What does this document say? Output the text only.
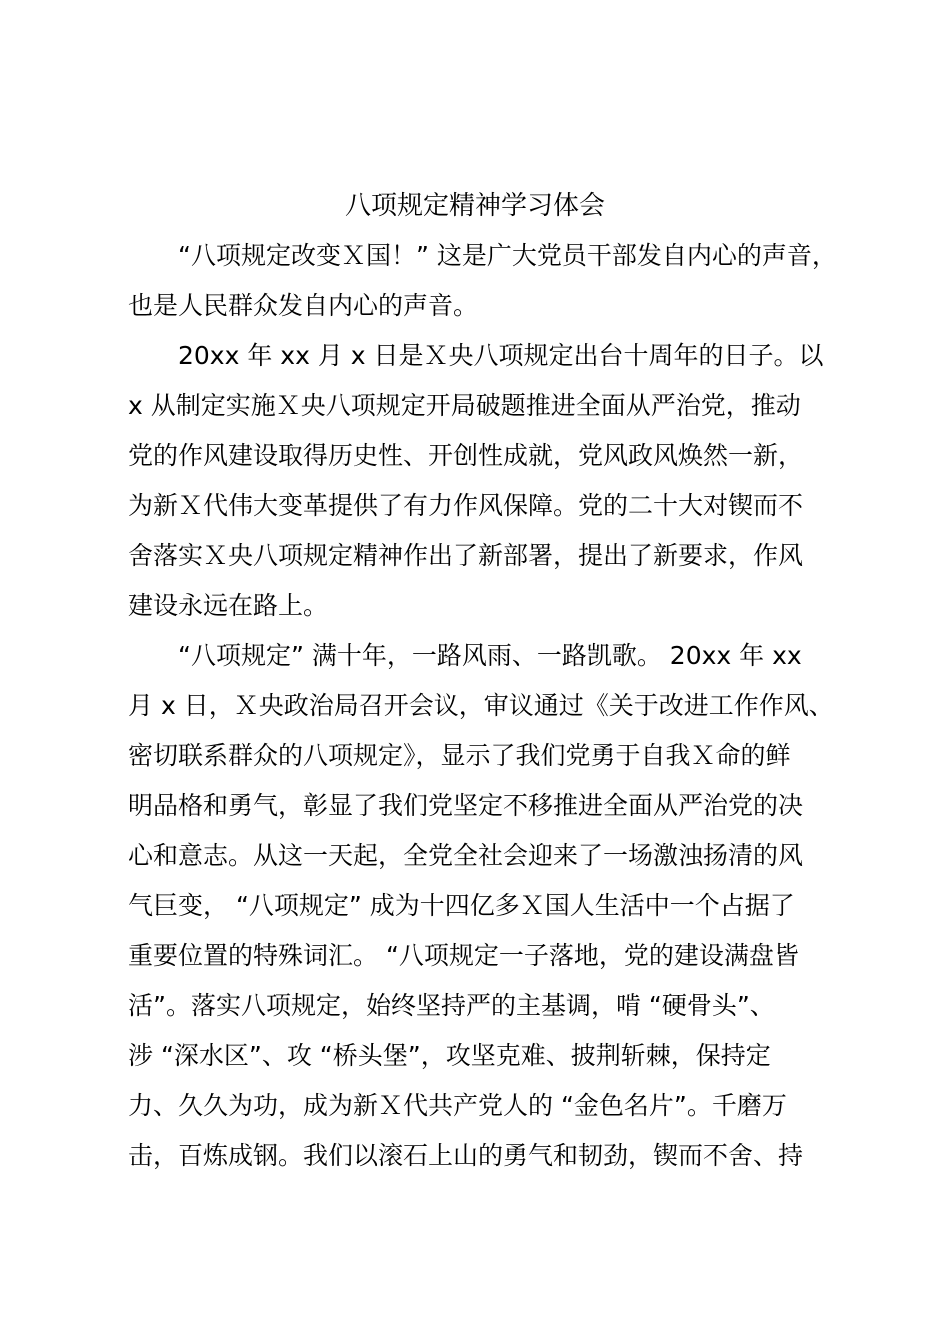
八项规定精神学习体会

“八项规定改变Ｘ国！” 这是广大党员干部发自内心的声音，
也是人民群众发自内心的声音。

20xx 年 xx 月 x 日是Ｘ央八项规定出台十周年的日子。以
x 从制定实施Ｘ央八项规定开局破题推进全面从严治党，推动
党的作风建设取得历史性、开创性成就，党风政风焕然一新，
为新Ｘ代伟大变革提供了有力作风保障。党的二十大对锲而不
舍落实Ｘ央八项规定精神作出了新部署，提出了新要求，作风
建设永远在路上。

“八项规定” 满十年，一路风雨、一路凯歌。 20xx 年 xx
月 x 日，Ｘ央政治局召开会议，审议通过《关于改进工作作风、
密切联系群众的八项规定》，显示了我们党勇于自我Ｘ命的鲜
明品格和勇气，彰显了我们党坚定不移推进全面从严治党的决
心和意志。从这一天起，全党全社会迎来了一场激浊扬清的风
气巨变， “八项规定” 成为十四亿多Ｘ国人生活中一个占据了
重要位置的特殊词汇。 “八项规定一子落地，党的建设满盘皆
活”。落实八项规定，始终坚持严的主基调，啃 “硬骨头”、
涉 “深水区”、攻 “桥头堡”，攻坚克难、披荆斩棘，保持定
力、久久为功，成为新Ｘ代共产党人的 “金色名片”。千磨万
击，百炼成钢。我们以滚石上山的勇气和韧劲，锲而不舍、持
